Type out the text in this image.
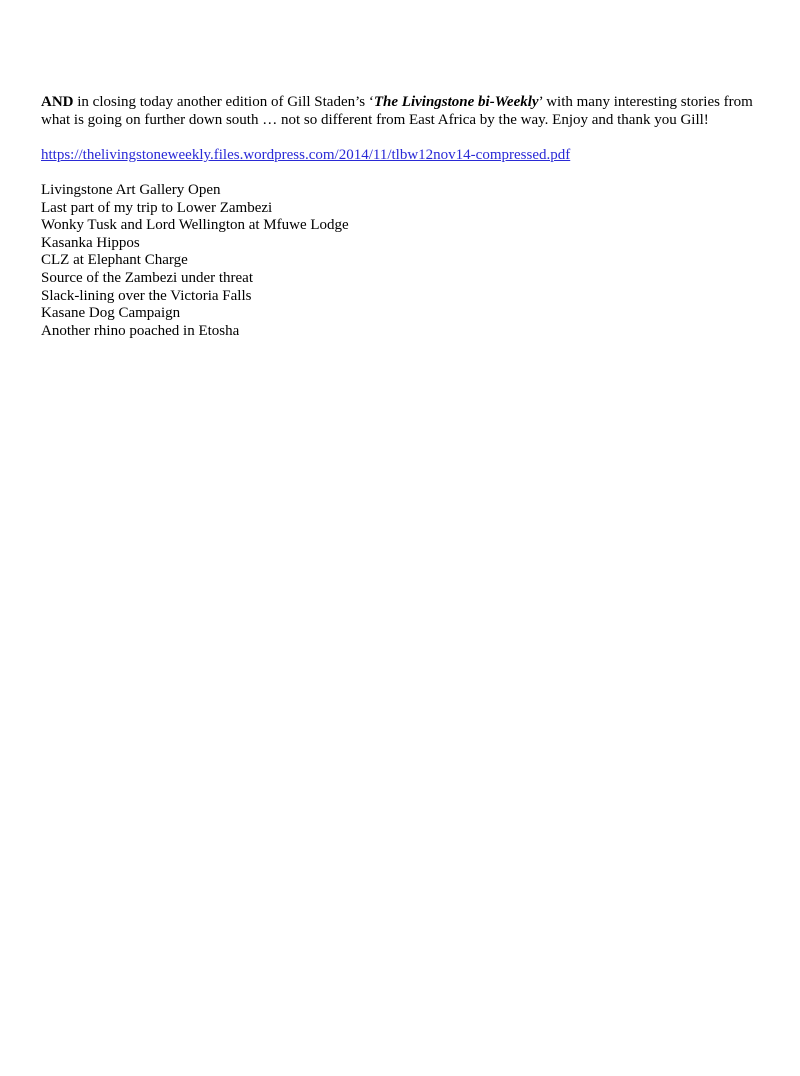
AND in closing today another edition of Gill Staden’s ‘The Livingstone bi-Weekly’ with many interesting stories from what is going on further down south … not so different from East Africa by the way. Enjoy and thank you Gill!

https://thelivingstoneweekly.files.wordpress.com/2014/11/tlbw12nov14-compressed.pdf

Livingstone Art Gallery Open
Last part of my trip to Lower Zambezi
Wonky Tusk and Lord Wellington at Mfuwe Lodge
Kasanka Hippos
CLZ at Elephant Charge
Source of the Zambezi under threat
Slack-lining over the Victoria Falls
Kasane Dog Campaign
Another rhino poached in Etosha
